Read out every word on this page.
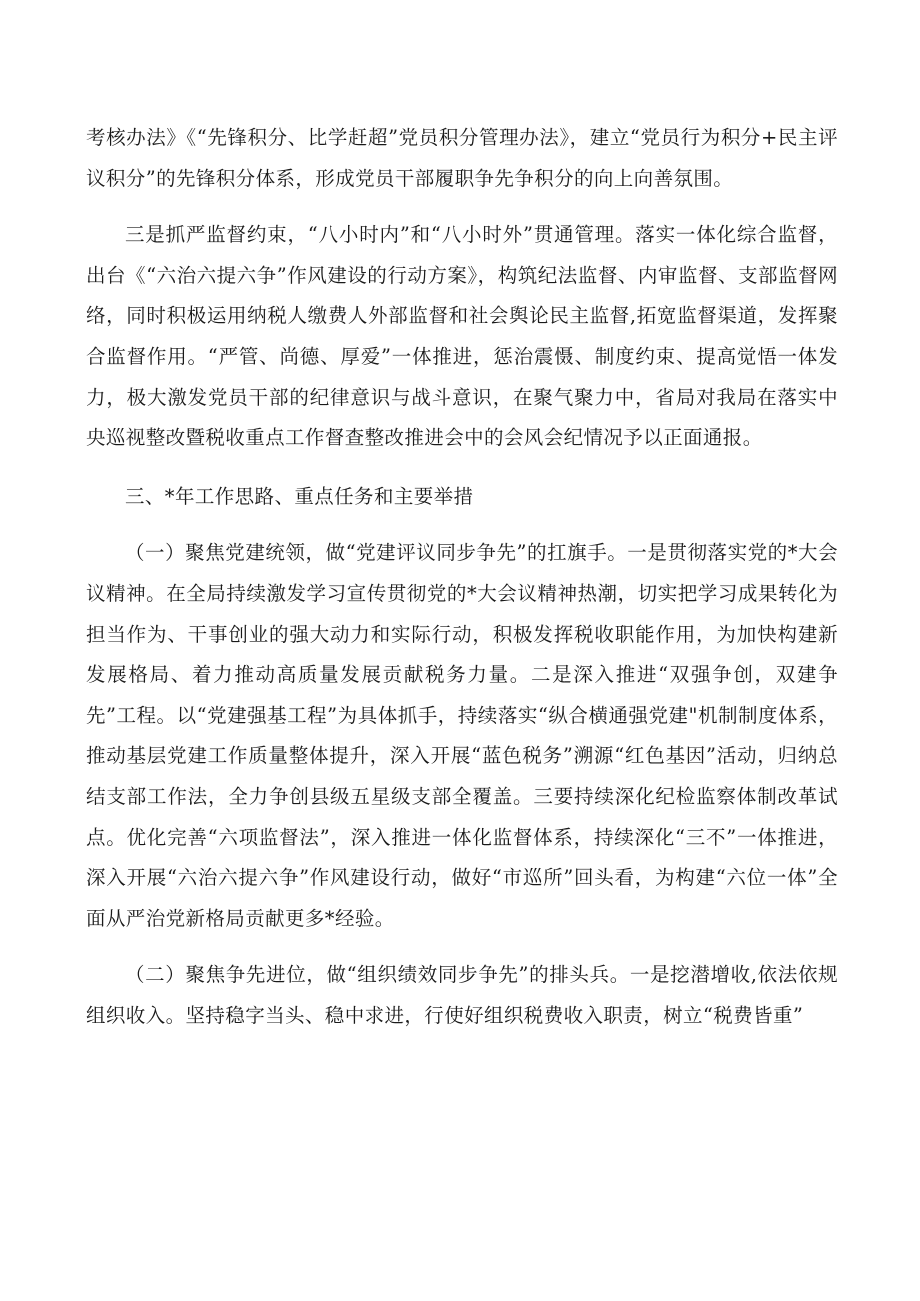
考核办法》《“先锋积分、比学赶超”党员积分管理办法》，建立“党员行为积分+民主评议积分”的先锋积分体系，形成党员干部履职争先争积分的向上向善氛围。

三是抓严监督约束，“八小时内”和“八小时外”贯通管理。落实一体化综合监督，出台《“六治六提六争”作风建设的行动方案》，构筑纪法监督、内审监督、支部监督网络，同时积极运用纳税人缴费人外部监督和社会舆论民主监督,拓宽监督渠道，发挥聚合监督作用。“严管、尚德、厚爱”一体推进，惩治震慑、制度约束、提高觉悟一体发力，极大激发党员干部的纪律意识与战斗意识，在聚气聚力中，省局对我局在落实中央巡视整改暨税收重点工作督查整改推进会中的会风会纪情况予以正面通报。

三、*年工作思路、重点任务和主要举措

（一）聚焦党建统领，做“党建评议同步争先”的扛旗手。一是贯彻落实党的*大会议精神。在全局持续激发学习宣传贯彻党的*大会议精神热潮，切实把学习成果转化为担当作为、干事创业的强大动力和实际行动，积极发挥税收职能作用，为加快构建新发展格局、着力推动高质量发展贡献税务力量。二是深入推进“双强争创，双建争先”工程。以“党建强基工程”为具体抓手，持续落实“纵合横通强党建"机制制度体系，推动基层党建工作质量整体提升，深入开展“蓝色税务”溯源“红色基因”活动，归纳总结支部工作法，全力争创县级五星级支部全覆盖。三要持续深化纪检监察体制改革试点。优化完善“六项监督法”，深入推进一体化监督体系，持续深化“三不”一体推进，深入开展“六治六提六争”作风建设行动，做好“市巡所”回头看，为构建“六位一体”全面从严治党新格局贡献更多*经验。

（二）聚焦争先进位，做“组织绩效同步争先”的排头兵。一是挖潜增收,依法依规组织收入。坚持稳字当头、稳中求进，行使好组织税费收入职责，树立“税费皆重”
